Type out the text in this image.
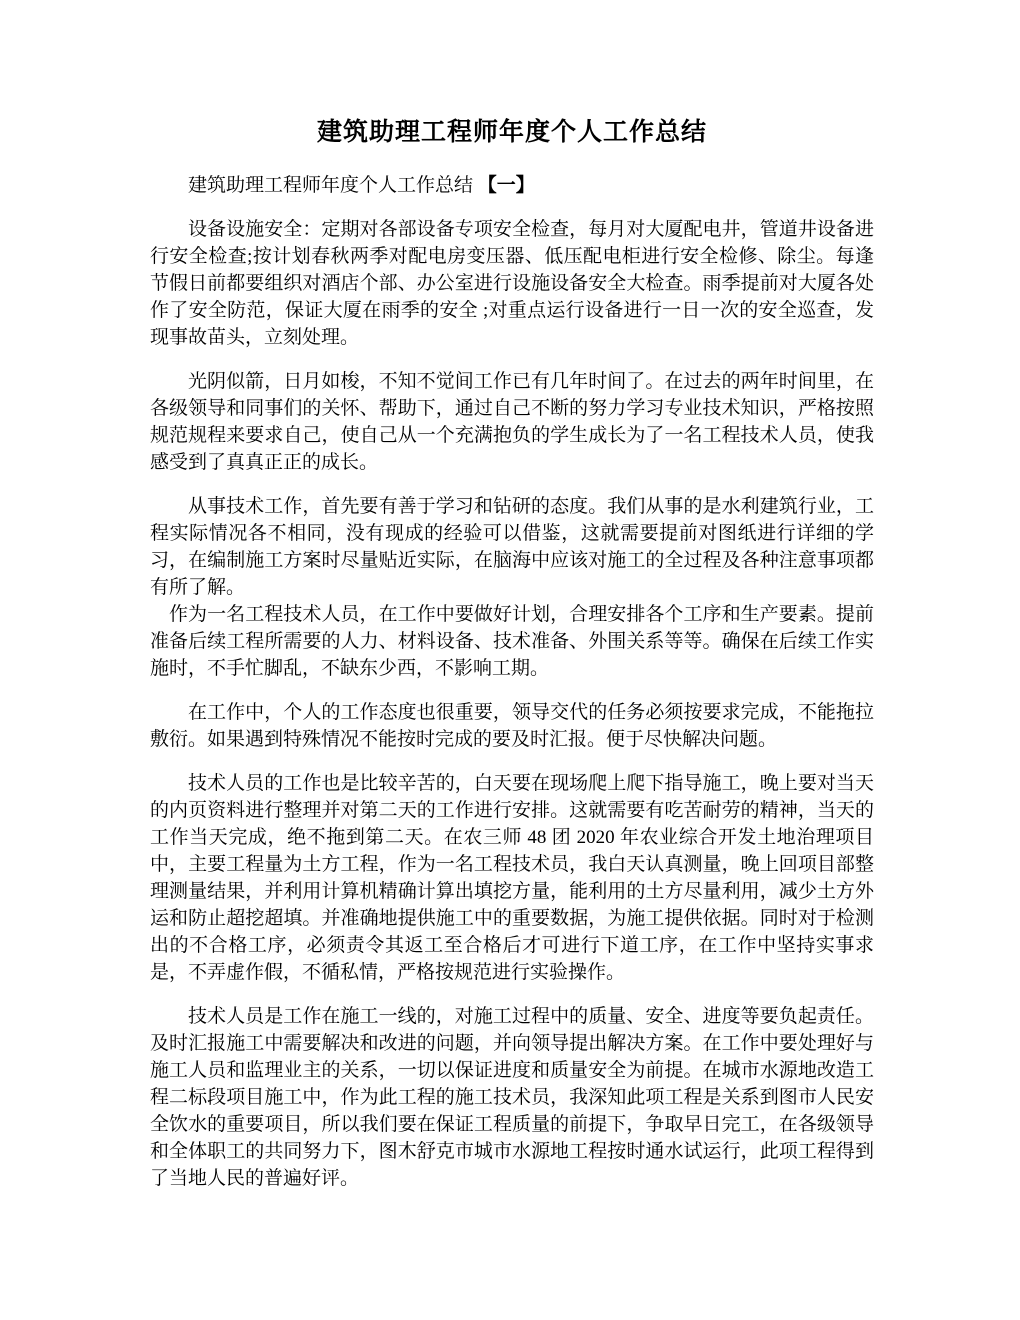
建筑助理工程师年度个人工作总结

建筑助理工程师年度个人工作总结 【一】

设备设施安全：定期对各部设备专项安全检查，每月对大厦配电井，管道井设备进行安全检查;按计划春秋两季对配电房变压器、低压配电柜进行安全检修、除尘。每逢节假日前都要组织对酒店个部、办公室进行设施设备安全大检查。雨季提前对大厦各处作了安全防范，保证大厦在雨季的安全 ;对重点运行设备进行一日一次的安全巡查，发现事故苗头，立刻处理。

光阴似箭，日月如梭，不知不觉间工作已有几年时间了。在过去的两年时间里，在各级领导和同事们的关怀、帮助下，通过自己不断的努力学习专业技术知识，严格按照规范规程来要求自己，使自己从一个充满抱负的学生成长为了一名工程技术人员，使我感受到了真真正正的成长。

从事技术工作，首先要有善于学习和钻研的态度。我们从事的是水利建筑行业，工程实际情况各不相同，没有现成的经验可以借鉴，这就需要提前对图纸进行详细的学习，在编制施工方案时尽量贴近实际，在脑海中应该对施工的全过程及各种注意事项都有所了解。

作为一名工程技术人员，在工作中要做好计划，合理安排各个工序和生产要素。提前准备后续工程所需要的人力、材料设备、技术准备、外围关系等等。确保在后续工作实施时，不手忙脚乱，不缺东少西，不影响工期。

在工作中，个人的工作态度也很重要，领导交代的任务必须按要求完成，不能拖拉敷衍。如果遇到特殊情况不能按时完成的要及时汇报。便于尽快解决问题。

技术人员的工作也是比较辛苦的，白天要在现场爬上爬下指导施工，晚上要对当天的内页资料进行整理并对第二天的工作进行安排。这就需要有吃苦耐劳的精神，当天的工作当天完成，绝不拖到第二天。在农三师 48 团 2020 年农业综合开发土地治理项目中，主要工程量为土方工程，作为一名工程技术员，我白天认真测量，晚上回项目部整理测量结果，并利用计算机精确计算出填挖方量，能利用的土方尽量利用，减少土方外运和防止超挖超填。并准确地提供施工中的重要数据，为施工提供依据。同时对于检测出的不合格工序，必须责令其返工至合格后才可进行下道工序，在工作中坚持实事求是，不弄虚作假，不循私情，严格按规范进行实验操作。

技术人员是工作在施工一线的，对施工过程中的质量、安全、进度等要负起责任。及时汇报施工中需要解决和改进的问题，并向领导提出解决方案。在工作中要处理好与施工人员和监理业主的关系，一切以保证进度和质量安全为前提。在城市水源地改造工程二标段项目施工中，作为此工程的施工技术员，我深知此项工程是关系到图市人民安全饮水的重要项目，所以我们要在保证工程质量的前提下，争取早日完工，在各级领导和全体职工的共同努力下，图木舒克市城市水源地工程按时通水试运行，此项工程得到了当地人民的普遍好评。
